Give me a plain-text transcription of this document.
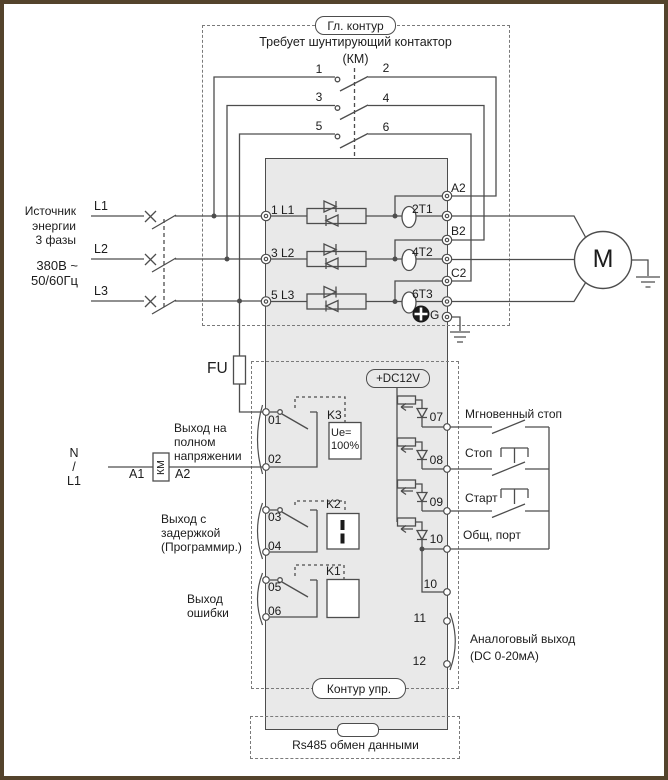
Гл. контур
Контур упр.
+DC12V
Требует шунтирующий контактор
(КМ)
1	2
3	4
5	6
Источник
энергии
3 фазы
380В ~
50/60Гц
L1
L2
L3
1 L1
3 L2
5 L3
2T1
4T2
6T3
A2
B2
C2
G
M
FU
N
/
L1	A1 A2
КМ
Выход на
полном
напряжении
Выход с
задержкой
(Программир.)
Выход
ошибки
01
02
03
04
05
06
K3
K2
K1
Ue=
100%
Мгновенный стоп
Стоп
Старт
Общ, порт
07
08
09
10
10
11
12
Аналоговый выход
(DC 0-20мА)
Rs485 обмен данными
